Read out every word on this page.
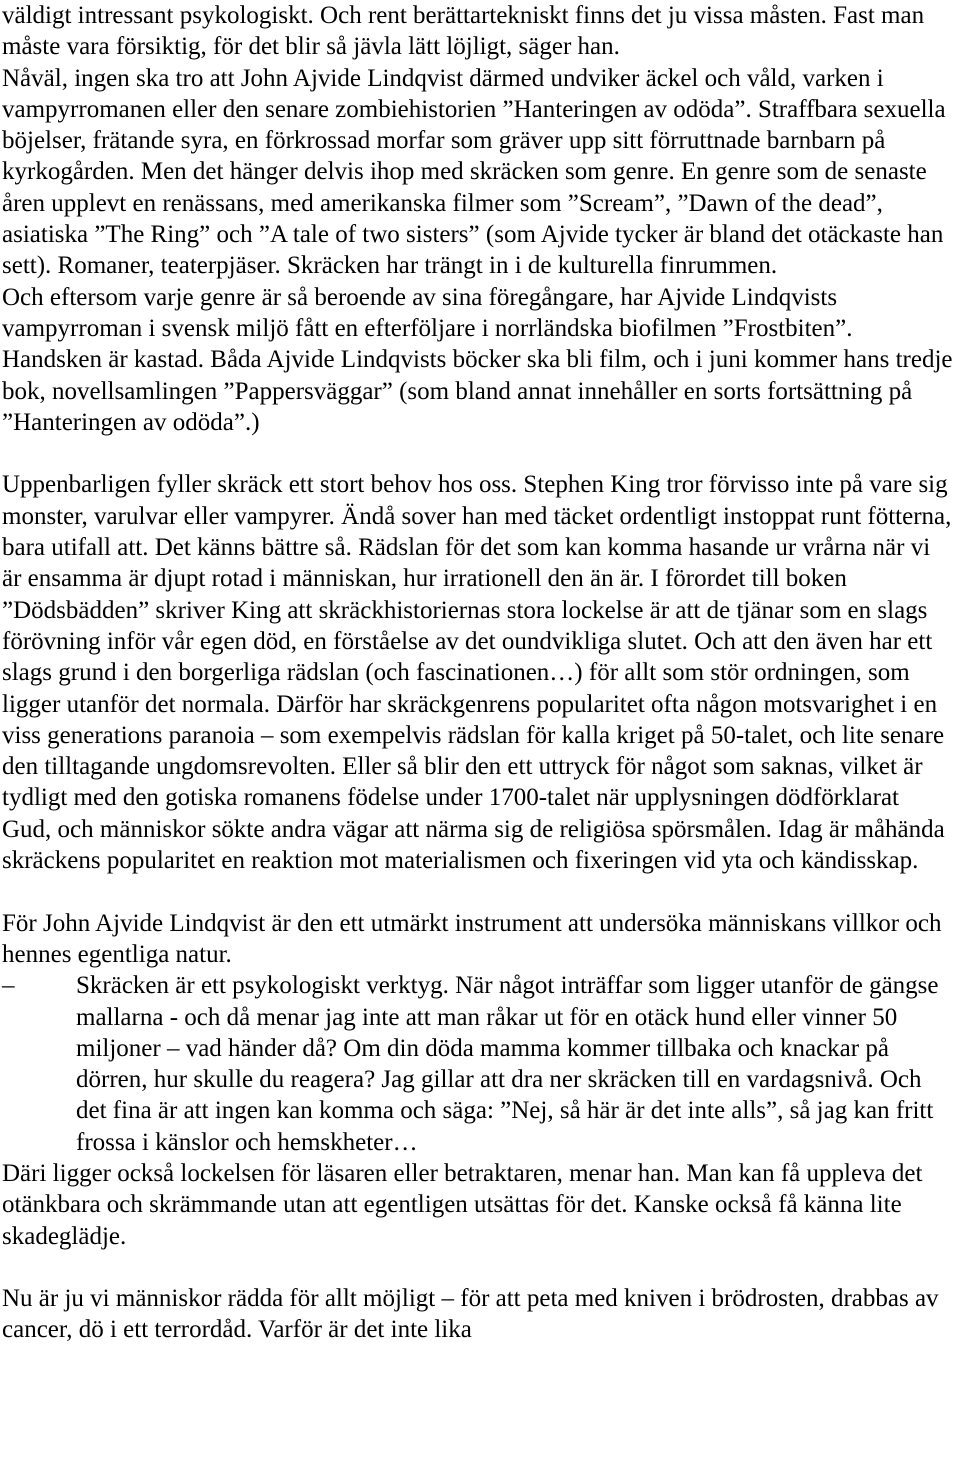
väldigt intressant psykologiskt. Och rent berättartekniskt finns det ju vissa måsten. Fast man måste vara försiktig, för det blir så jävla lätt löjligt, säger han.

Nåväl, ingen ska tro att John Ajvide Lindqvist därmed undviker äckel och våld, varken i vampyrromanen eller den senare zombiehistorien ”Hanteringen av odöda”. Straffbara sexuella böjelser, frätande syra, en förkrossad morfar som gräver upp sitt förruttnade barnbarn på kyrkogården. Men det hänger delvis ihop med skräcken som genre. En genre som de senaste åren upplevt en renässans, med amerikanska filmer som ”Scream”, ”Dawn of the dead”, asiatiska ”The Ring” och ”A tale of two sisters” (som Ajvide tycker är bland det otäckaste han sett). Romaner, teaterpjäser. Skräcken har trängt in i de kulturella finrummen.

Och eftersom varje genre är så beroende av sina föregångare, har Ajvide Lindqvists vampyrroman i svensk miljö fått en efterföljare i norrländska biofilmen ”Frostbiten”. Handsken är kastad. Båda Ajvide Lindqvists böcker ska bli film, och i juni kommer hans tredje bok, novellsamlingen ”Pappersväggar” (som bland annat innehåller en sorts fortsättning på ”Hanteringen av odöda”.)

Uppenbarligen fyller skräck ett stort behov hos oss. Stephen King tror förvisso inte på vare sig monster, varulvar eller vampyrer. Ändå sover han med täcket ordentligt instoppat runt fötterna, bara utifall att. Det känns bättre så. Rädslan för det som kan komma hasande ur vrårna när vi är ensamma är djupt rotad i människan, hur irrationell den än är. I förordet till boken ”Dödsbädden” skriver King att skräckhistoriernas stora lockelse är att de tjänar som en slags förövning inför vår egen död, en förståelse av det oundvikliga slutet. Och att den även har ett slags grund i den borgerliga rädslan (och fascinationen…) för allt som stör ordningen, som ligger utanför det normala. Därför har skräckgenrens popularitet ofta någon motsvarighet i en viss generations paranoia – som exempelvis rädslan för kalla kriget på 50-talet, och lite senare den tilltagande ungdomsrevolten. Eller så blir den ett uttryck för något som saknas, vilket är tydligt med den gotiska romanens födelse under 1700-talet när upplysningen dödförklarat Gud, och människor sökte andra vägar att närma sig de religiösa spörsmålen. Idag är måhända skräckens popularitet en reaktion mot materialismen och fixeringen vid yta och kändisskap.

För John Ajvide Lindqvist är den ett utmärkt instrument att undersöka människans villkor och hennes egentliga natur.

–	Skräcken är ett psykologiskt verktyg. När något inträffar som ligger utanför de gängse mallarna - och då menar jag inte att man råkar ut för en otäck hund eller vinner 50 miljoner – vad händer då? Om din döda mamma kommer tillbaka och knackar på dörren, hur skulle du reagera? Jag gillar att dra ner skräcken till en vardagsnivå. Och det fina är att ingen kan komma och säga: ”Nej, så här är det inte alls”, så jag kan fritt frossa i känslor och hemskheter…

Däri ligger också lockelsen för läsaren eller betraktaren, menar han. Man kan få uppleva det otänkbara och skrämmande utan att egentligen utsättas för det. Kanske också få känna lite skadeglädje.

Nu är ju vi människor rädda för allt möjligt – för att peta med kniven i brödrosten, drabbas av cancer, dö i ett terrordåd. Varför är det inte lika
